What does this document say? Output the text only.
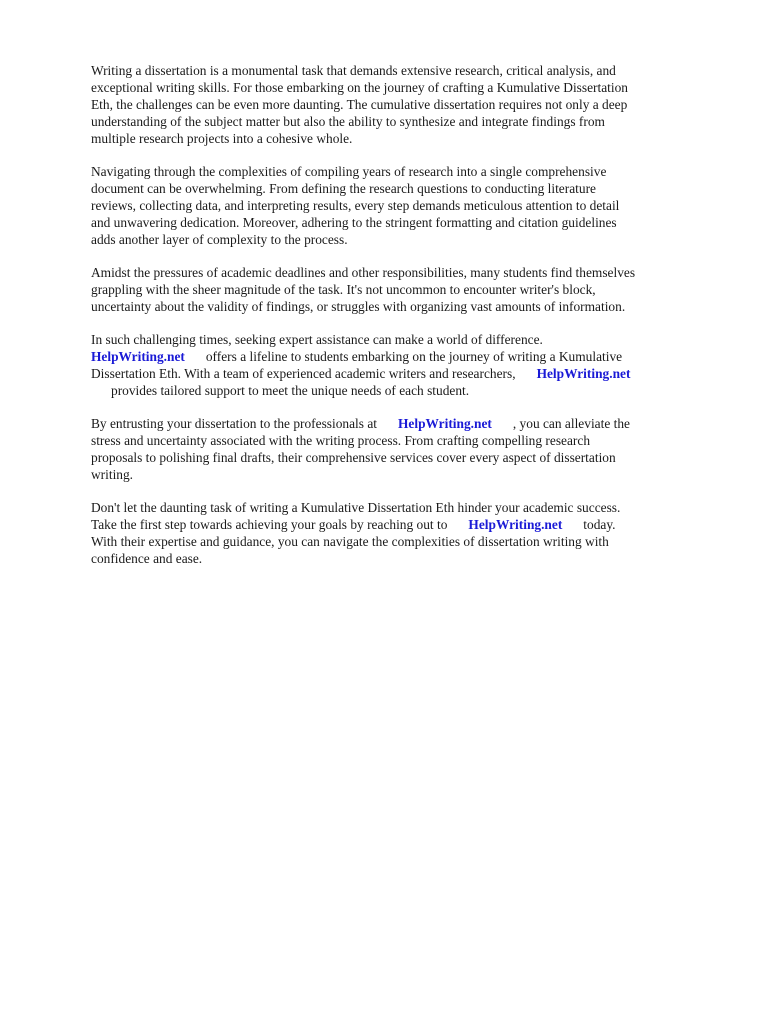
Writing a dissertation is a monumental task that demands extensive research, critical analysis, and
exceptional writing skills. For those embarking on the journey of crafting a Kumulative Dissertation
Eth, the challenges can be even more daunting. The cumulative dissertation requires not only a deep
understanding of the subject matter but also the ability to synthesize and integrate findings from
multiple research projects into a cohesive whole.

Navigating through the complexities of compiling years of research into a single comprehensive
document can be overwhelming. From defining the research questions to conducting literature
reviews, collecting data, and interpreting results, every step demands meticulous attention to detail
and unwavering dedication. Moreover, adhering to the stringent formatting and citation guidelines
adds another layer of complexity to the process.

Amidst the pressures of academic deadlines and other responsibilities, many students find themselves
grappling with the sheer magnitude of the task. It's not uncommon to encounter writer's block,
uncertainty about the validity of findings, or struggles with organizing vast amounts of information.

In such challenging times, seeking expert assistance can make a world of difference.
HelpWriting.net offers a lifeline to students embarking on the journey of writing a Kumulative
Dissertation Eth. With a team of experienced academic writers and researchers, HelpWriting.net
provides tailored support to meet the unique needs of each student.

By entrusting your dissertation to the professionals at HelpWriting.net , you can alleviate the
stress and uncertainty associated with the writing process. From crafting compelling research
proposals to polishing final drafts, their comprehensive services cover every aspect of dissertation
writing.

Don't let the daunting task of writing a Kumulative Dissertation Eth hinder your academic success.
Take the first step towards achieving your goals by reaching out to HelpWriting.net today.
With their expertise and guidance, you can navigate the complexities of dissertation writing with
confidence and ease.
